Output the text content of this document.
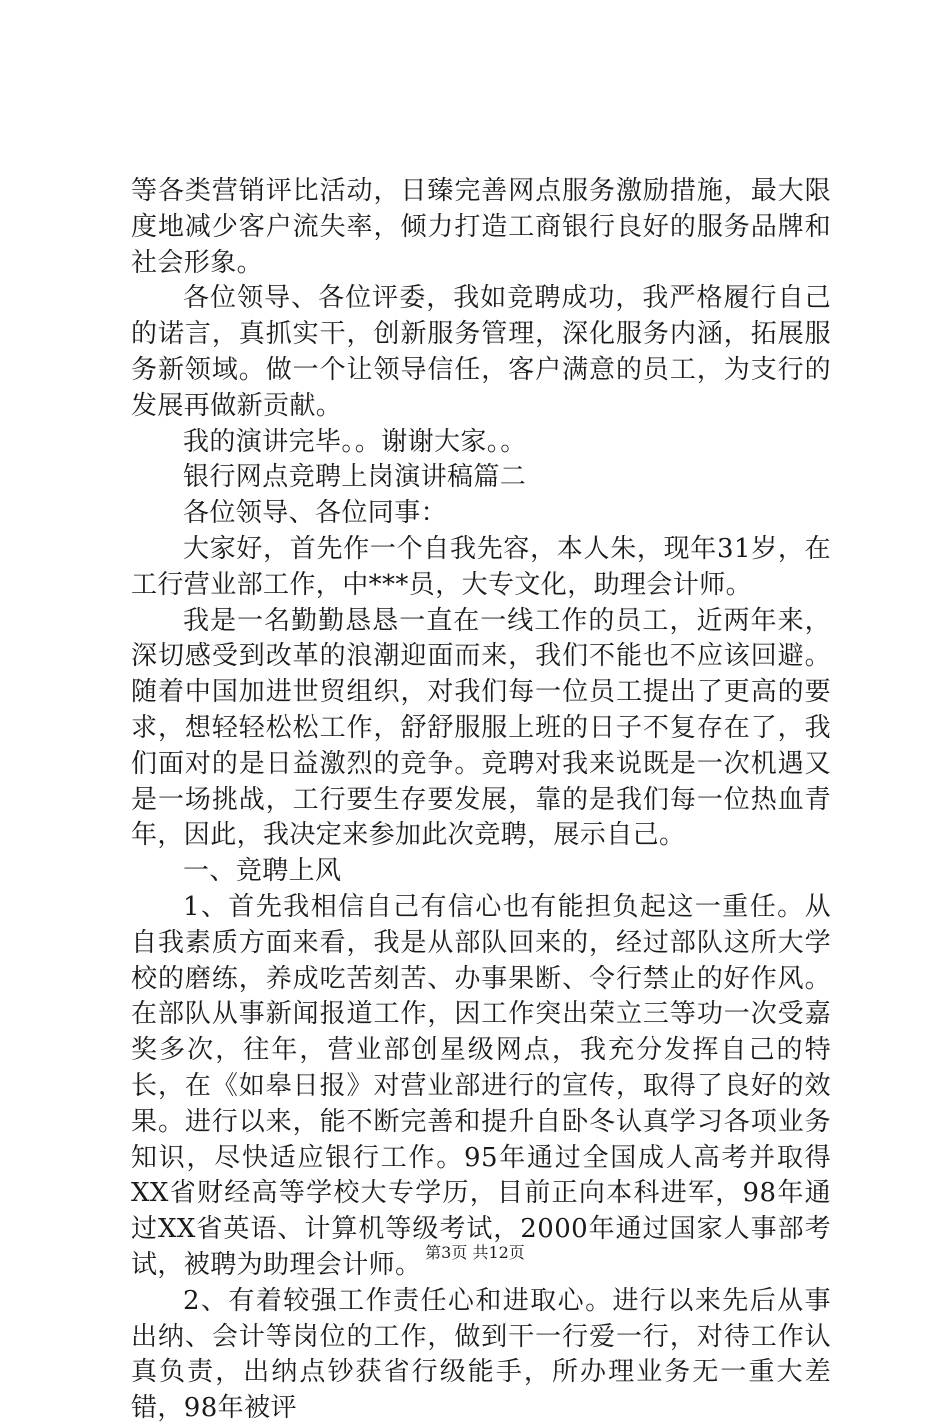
等各类营销评比活动，日臻完善网点服务激励措施，最大限度地减少客户流失率，倾力打造工商银行良好的服务品牌和社会形象。

各位领导、各位评委，我如竞聘成功，我严格履行自己的诺言，真抓实干，创新服务管理，深化服务内涵，拓展服务新领域。做一个让领导信任，客户满意的员工，为支行的发展再做新贡献。

我的演讲完毕。。谢谢大家。。

银行网点竞聘上岗演讲稿篇二

各位领导、各位同事：

大家好，首先作一个自我先容，本人朱，现年31岁，在工行营业部工作，中***员，大专文化，助理会计师。

我是一名勤勤恳恳一直在一线工作的员工，近两年来，深切感受到改革的浪潮迎面而来，我们不能也不应该回避。随着中国加进世贸组织，对我们每一位员工提出了更高的要求，想轻轻松松工作，舒舒服服上班的日子不复存在了，我们面对的是日益激烈的竞争。竞聘对我来说既是一次机遇又是一场挑战，工行要生存要发展，靠的是我们每一位热血青年，因此，我决定来参加此次竞聘，展示自己。

一、竞聘上风

1、首先我相信自己有信心也有能担负起这一重任。从自我素质方面来看，我是从部队回来的，经过部队这所大学校的磨练，养成吃苦刻苦、办事果断、令行禁止的好作风。在部队从事新闻报道工作，因工作突出荣立三等功一次受嘉奖多次，往年，营业部创星级网点，我充分发挥自己的特长，在《如皋日报》对营业部进行的宣传，取得了良好的效果。进行以来，能不断完善和提升自卧冬认真学习各项业务知识，尽快适应银行工作。95年通过全国成人高考并取得XX省财经高等学校大专学历，目前正向本科进军，98年通过XX省英语、计算机等级考试，2000年通过国家人事部考试，被聘为助理会计师。

2、有着较强工作责任心和进取心。进行以来先后从事出纳、会计等岗位的工作，做到干一行爱一行，对待工作认真负责，出纳点钞获省行级能手，所办理业务无一重大差错，98年被评

第3页 共12页
